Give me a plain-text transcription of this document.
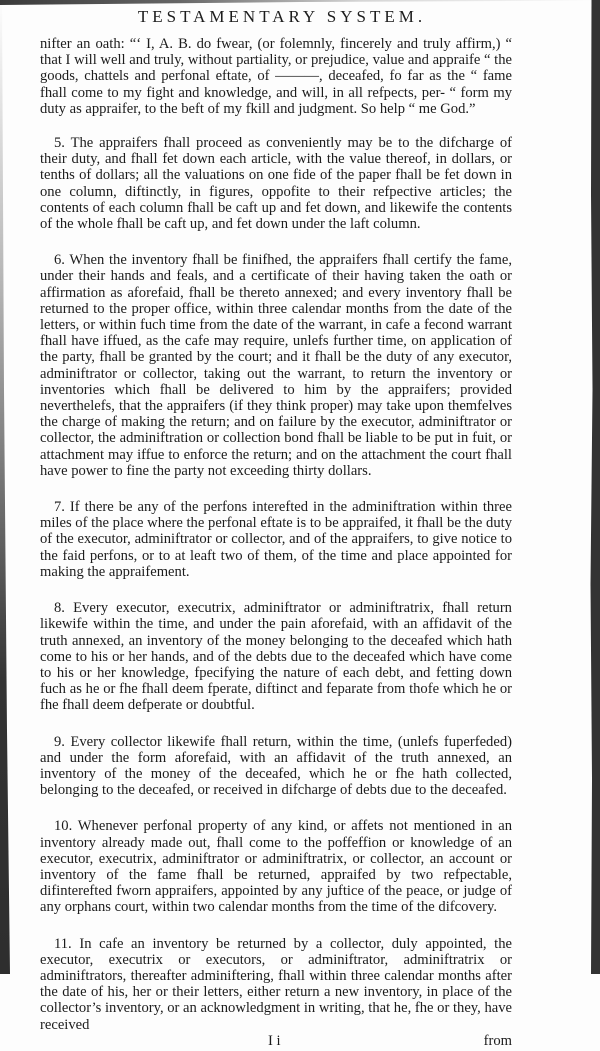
TESTAMENTARY SYSTEM.

nifter an oath: “‘ I, A. B. do fwear, (or folemnly, fincerely and truly affirm,) “ that I will well and truly, without partiality, or prejudice, value and appraife “ the goods, chattels and perfonal eftate, of ———, deceafed, fo far as the “ fame fhall come to my fight and knowledge, and will, in all refpects, per- “ form my duty as appraifer, to the beft of my fkill and judgment. So help “ me God.”

5. The appraifers fhall proceed as conveniently may be to the difcharge of their duty, and fhall fet down each article, with the value thereof, in dollars, or tenths of dollars; all the valuations on one fide of the paper fhall be fet down in one column, diftinctly, in figures, oppofite to their refpective articles; the contents of each column fhall be caft up and fet down, and likewife the contents of the whole fhall be caft up, and fet down under the laft column.

6. When the inventory fhall be finifhed, the appraifers fhall certify the fame, under their hands and feals, and a certificate of their having taken the oath or affirmation as aforefaid, fhall be thereto annexed; and every inventory fhall be returned to the proper office, within three calendar months from the date of the letters, or within fuch time from the date of the warrant, in cafe a fecond warrant fhall have iffued, as the cafe may require, unlefs further time, on application of the party, fhall be granted by the court; and it fhall be the duty of any executor, adminiftrator or collector, taking out the warrant, to return the inventory or inventories which fhall be delivered to him by the appraifers; provided neverthelefs, that the appraifers (if they think proper) may take upon themfelves the charge of making the return; and on failure by the executor, adminiftrator or collector, the adminiftration or collection bond fhall be liable to be put in fuit, or attachment may iffue to enforce the return; and on the attachment the court fhall have power to fine the party not exceeding thirty dollars.

7. If there be any of the perfons interefted in the adminiftration within three miles of the place where the perfonal eftate is to be appraifed, it fhall be the duty of the executor, adminiftrator or collector, and of the appraifers, to give notice to the faid perfons, or to at leaft two of them, of the time and place appointed for making the appraifement.

8. Every executor, executrix, adminiftrator or adminiftratrix, fhall return likewife within the time, and under the pain aforefaid, with an affidavit of the truth annexed, an inventory of the money belonging to the deceafed which hath come to his or her hands, and of the debts due to the deceafed which have come to his or her knowledge, fpecifying the nature of each debt, and fetting down fuch as he or fhe fhall deem fperate, diftinct and feparate from thofe which he or fhe fhall deem defperate or doubtful.

9. Every collector likewife fhall return, within the time, (unlefs fuperfeded) and under the form aforefaid, with an affidavit of the truth annexed, an inventory of the money of the deceafed, which he or fhe hath collected, belonging to the deceafed, or received in difcharge of debts due to the deceafed.

10. Whenever perfonal property of any kind, or affets not mentioned in an inventory already made out, fhall come to the poffeffion or knowledge of an executor, executrix, adminiftrator or adminiftratrix, or collector, an account or inventory of the fame fhall be returned, appraifed by two refpectable, difinterefted fworn appraifers, appointed by any juftice of the peace, or judge of any orphans court, within two calendar months from the time of the difcovery.

11. In cafe an inventory be returned by a collector, duly appointed, the executor, executrix or executors, or adminiftrator, adminiftratrix or adminiftrators, thereafter adminiftering, fhall within three calendar months after the date of his, her or their letters, either return a new inventory, in place of the collector’s inventory, or an acknowledgment in writing, that he, fhe or they, have received

I i	from
